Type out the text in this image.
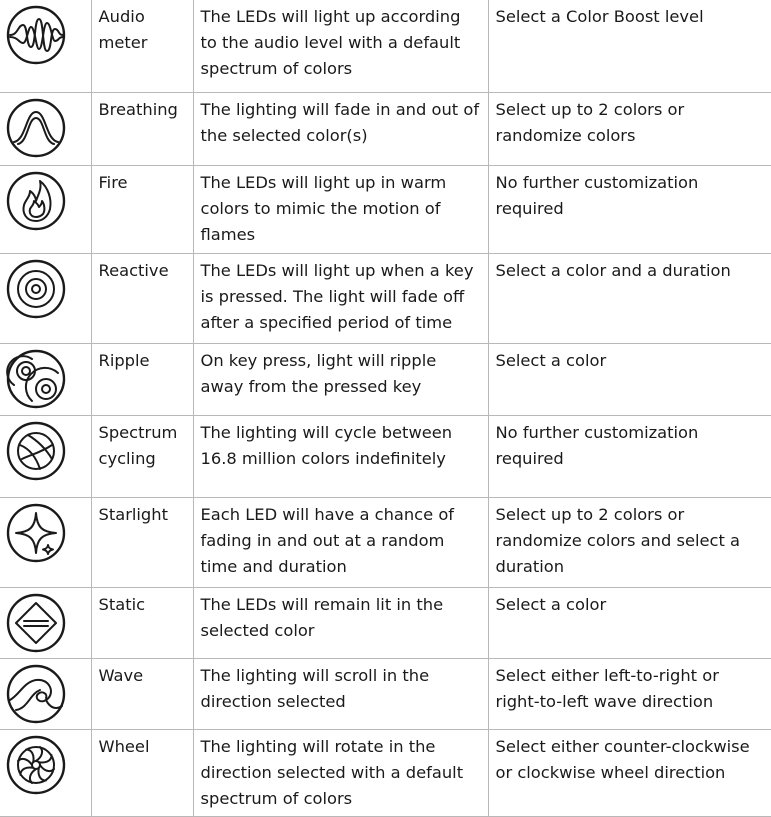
	Audio meter	The LEDs will light up according to the audio level with a default spectrum of colors	Select a Color Boost level

	Breathing	The lighting will fade in and out of the selected color(s)	Select up to 2 colors or randomize colors

	Fire	The LEDs will light up in warm colors to mimic the motion of flames	No further customization required

	Reactive	The LEDs will light up when a key is pressed. The light will fade off after a specified period of time	Select a color and a duration

	Ripple	On key press, light will ripple away from the pressed key	Select a color

	Spectrum cycling	The lighting will cycle between 16.8 million colors indefinitely	No further customization required

	Starlight	Each LED will have a chance of fading in and out at a random time and duration	Select up to 2 colors or randomize colors and select a duration

	Static	The LEDs will remain lit in the selected color	Select a color

	Wave	The lighting will scroll in the direction selected	Select either left-to-right or right-to-left wave direction

	Wheel	The lighting will rotate in the direction selected with a default spectrum of colors	Select either counter-clockwise or clockwise wheel direction
